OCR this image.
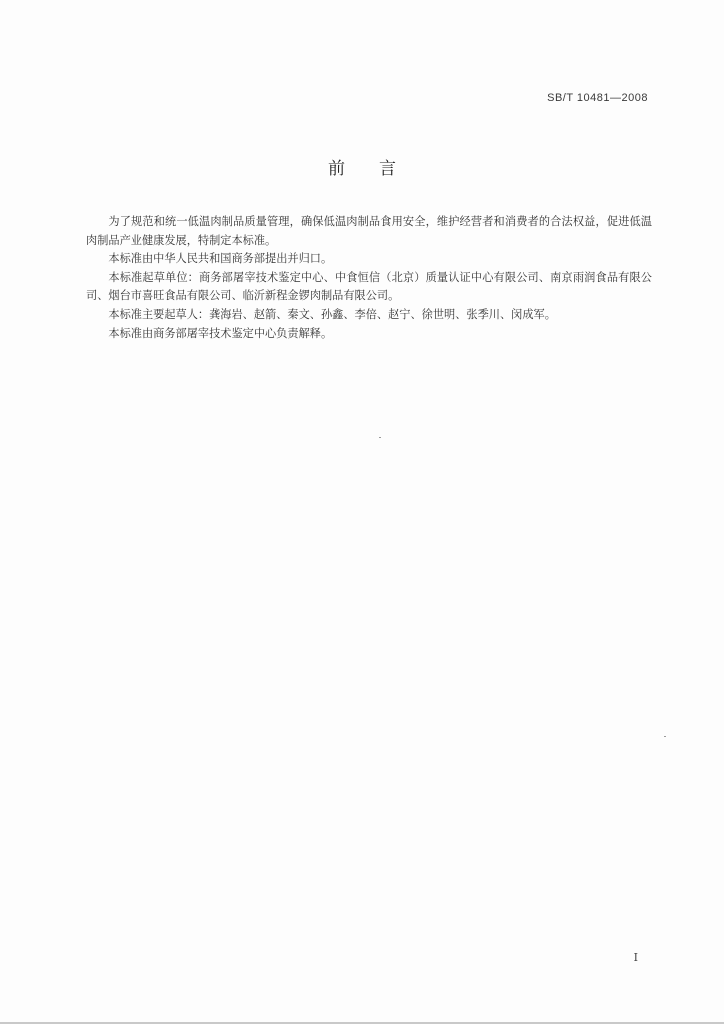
SB/T 10481—2008
前言

为了规范和统一低温肉制品质量管理，确保低温肉制品食用安全，维护经营者和消费者的合法权益，促进低温肉制品产业健康发展，特制定本标准。

本标准由中华人民共和国商务部提出并归口。

本标准起草单位：商务部屠宰技术鉴定中心、中食恒信（北京）质量认证中心有限公司、南京雨润食品有限公司、烟台市喜旺食品有限公司、临沂新程金锣肉制品有限公司。

本标准主要起草人：龚海岩、赵箭、秦文、孙鑫、李倍、赵宁、徐世明、张季川、闵成军。

本标准由商务部屠宰技术鉴定中心负责解释。

I
